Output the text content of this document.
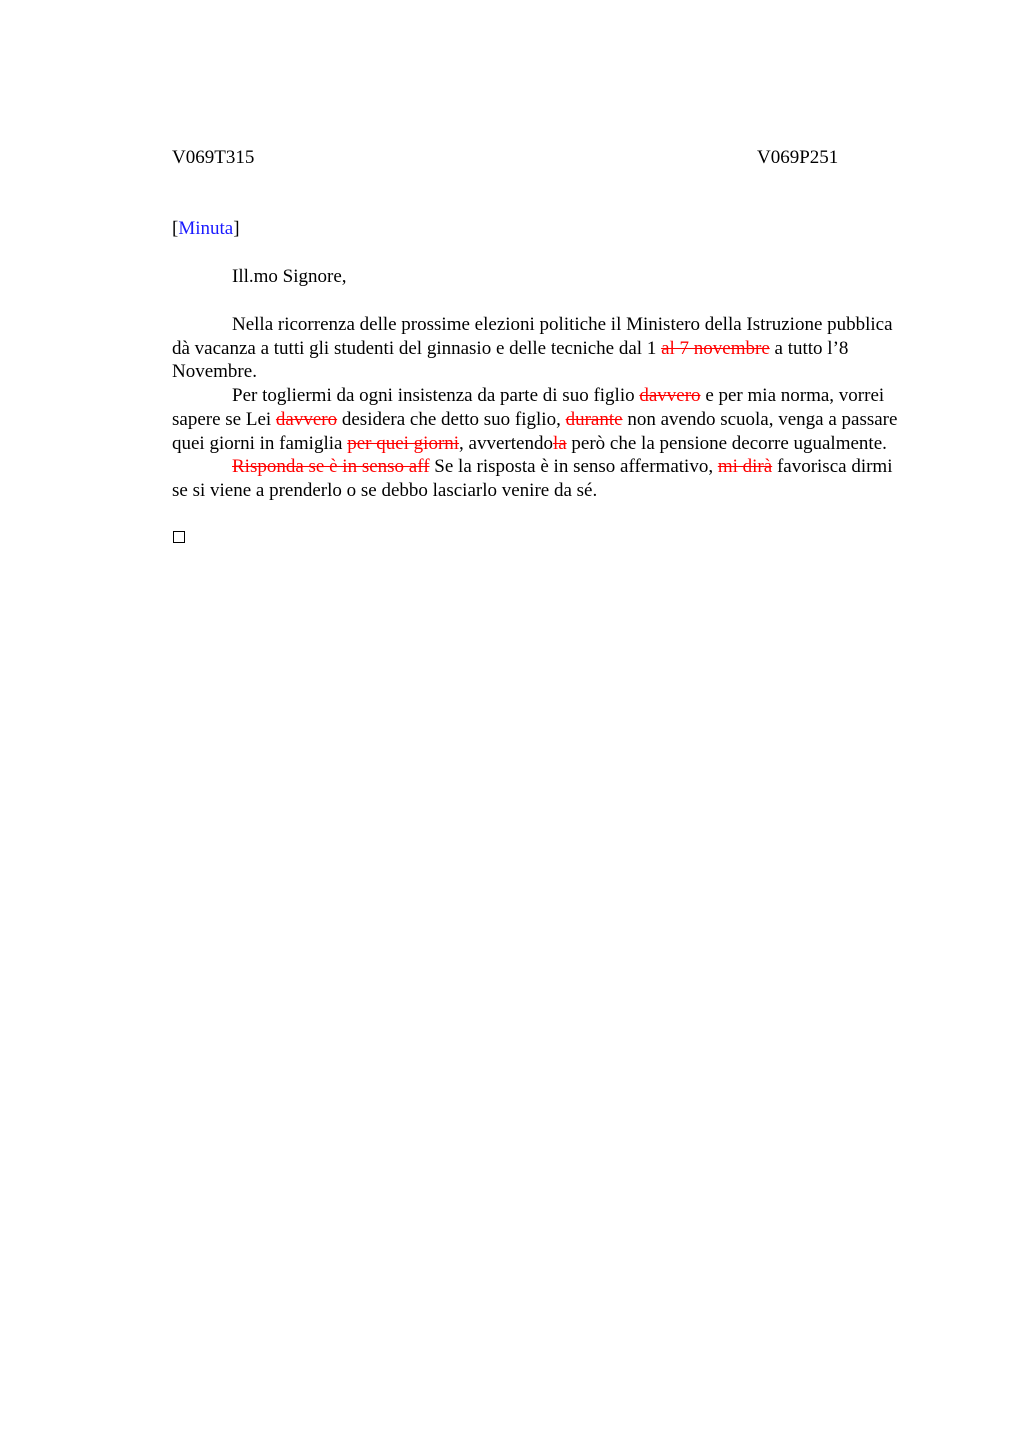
V069T315	V069P251
[Minuta]
Ill.mo Signore,

Nella ricorrenza delle prossime elezioni politiche il Ministero della Istruzione pubblica dà vacanza a tutti gli studenti del ginnasio e delle tecniche dal 1 al 7 novembre a tutto l’8 Novembre.

Per togliermi da ogni insistenza da parte di suo figlio davvero e per mia norma, vorrei sapere se Lei davvero desidera che detto suo figlio, durante non avendo scuola, venga a passare quei giorni in famiglia per quei giorni, avvertendola però che la pensione decorre ugualmente.

Risponda se è in senso aff Se la risposta è in senso affermativo, mi dirà favorisca dirmi se si viene a prenderlo o se debbo lasciarlo venire da sé.
